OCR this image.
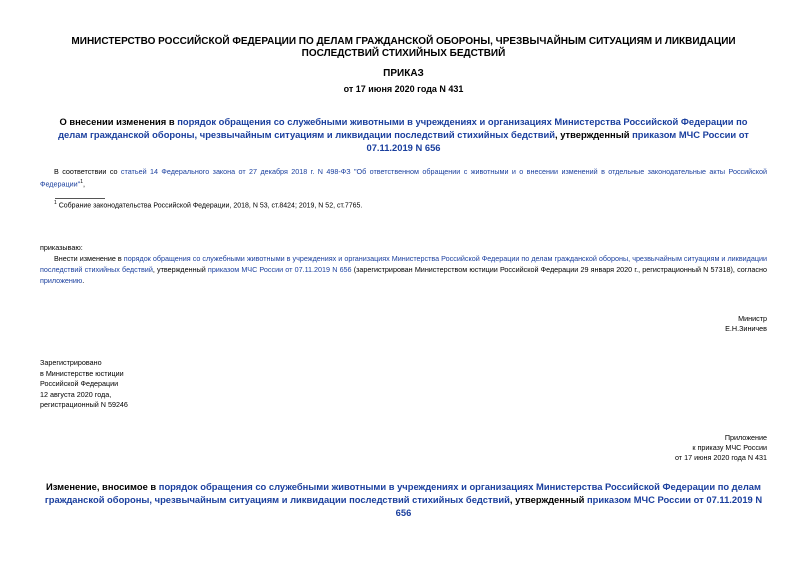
МИНИСТЕРСТВО РОССИЙСКОЙ ФЕДЕРАЦИИ ПО ДЕЛАМ ГРАЖДАНСКОЙ ОБОРОНЫ, ЧРЕЗВЫЧАЙНЫМ СИТУАЦИЯМ И ЛИКВИДАЦИИ ПОСЛЕДСТВИЙ СТИХИЙНЫХ БЕДСТВИЙ
ПРИКАЗ
от 17 июня 2020 года N 431
О внесении изменения в порядок обращения со служебными животными в учреждениях и организациях Министерства Российской Федерации по делам гражданской обороны, чрезвычайным ситуациям и ликвидации последствий стихийных бедствий, утвержденный приказом МЧС России от 07.11.2019 N 656
В соответствии со статьей 14 Федерального закона от 27 декабря 2018 г. N 498-ФЗ "Об ответственном обращении с животными и о внесении изменений в отдельные законодательные акты Российской Федерации"$^1$,
$^1$ Собрание законодательства Российской Федерации, 2018, N 53, ст.8424; 2019, N 52, ст.7765.
приказываю:
Внести изменение в порядок обращения со служебными животными в учреждениях и организациях Министерства Российской Федерации по делам гражданской обороны, чрезвычайным ситуациям и ликвидации последствий стихийных бедствий, утвержденный приказом МЧС России от 07.11.2019 N 656 (зарегистрирован Министерством юстиции Российской Федерации 29 января 2020 г., регистрационный N 57318), согласно приложению.
Министр
Е.Н.Зиничев
Зарегистрировано
в Министерстве юстиции
Российской Федерации
12 августа 2020 года,
регистрационный N 59246
Приложение
к приказу МЧС России
от 17 июня 2020 года N 431
Изменение, вносимое в порядок обращения со служебными животными в учреждениях и организациях Министерства Российской Федерации по делам гражданской обороны, чрезвычайным ситуациям и ликвидации последствий стихийных бедствий, утвержденный приказом МЧС России от 07.11.2019 N 656
